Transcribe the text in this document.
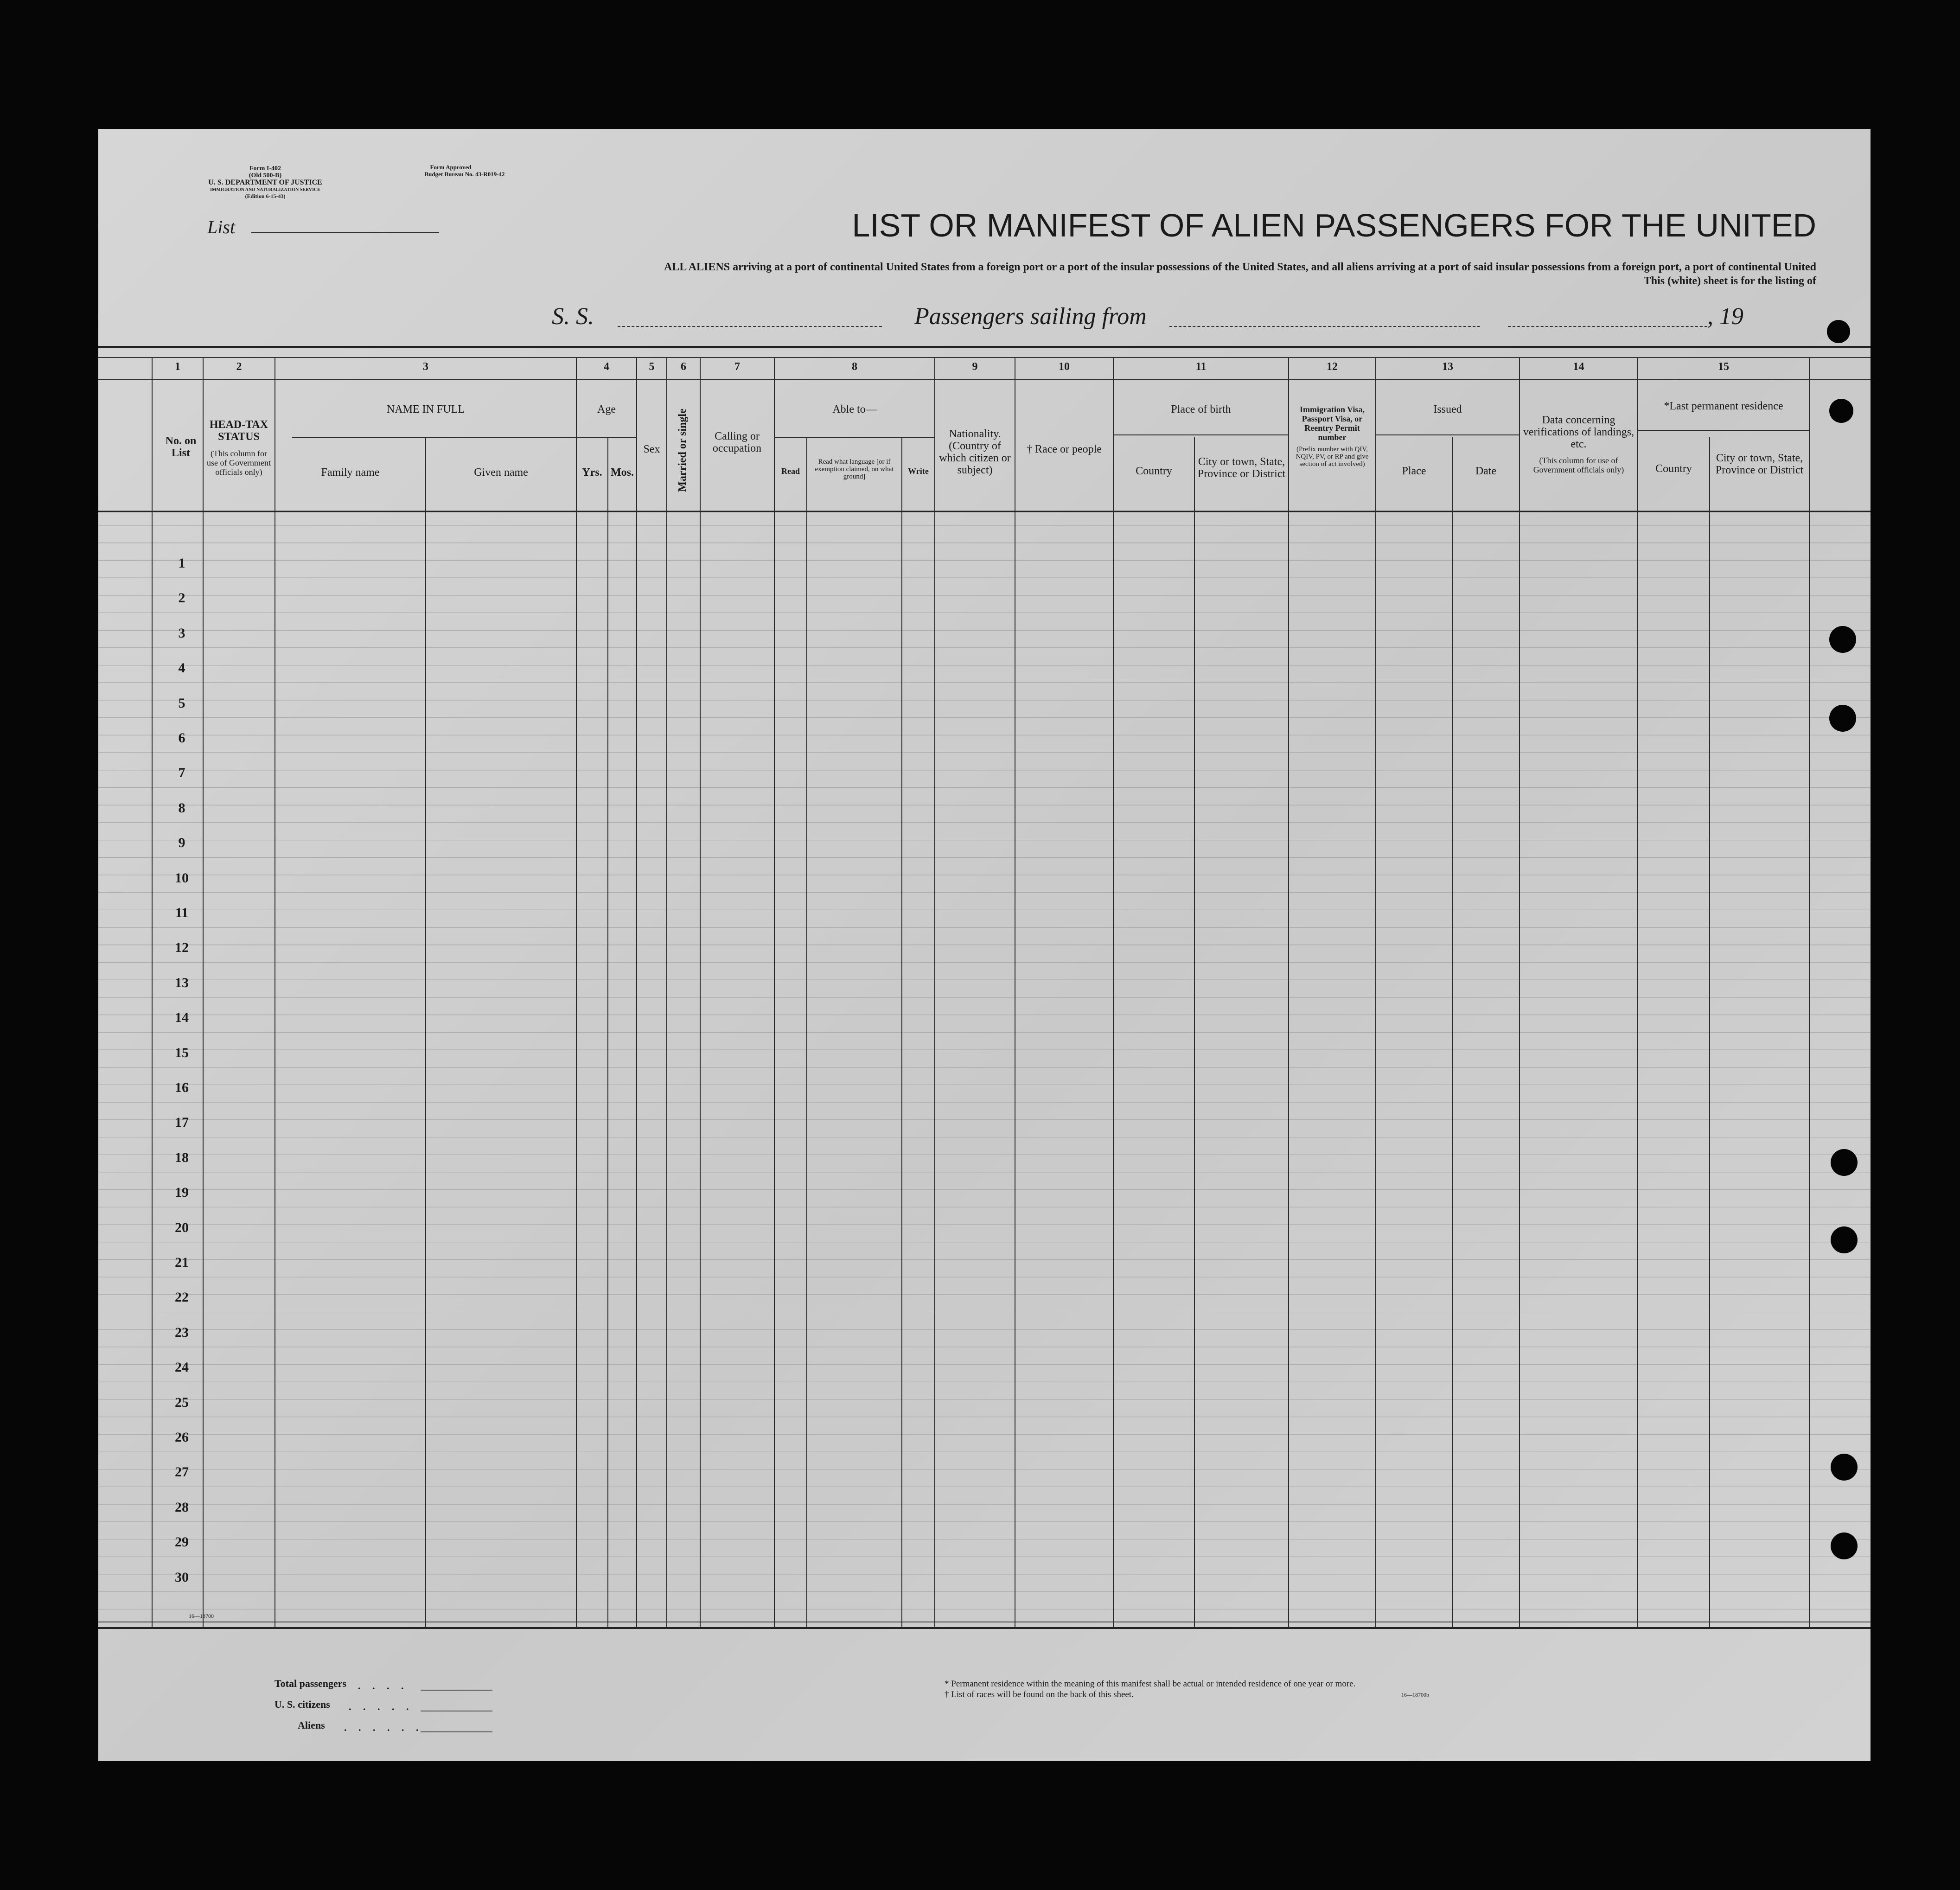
Form I-402
(Old 500-B)
U. S. DEPARTMENT OF JUSTICE
IMMIGRATION AND NATURALIZATION SERVICE
(Edition 6-15-43)
Form Approved
Budget Bureau No. 43-R019-42
List	LIST OR MANIFEST OF ALIEN PASSENGERS FOR THE UNITED
ALL ALIENS arriving at a port of continental United States from a foreign port or a port of the insular possessions of the United States, and all aliens arriving at a port of said insular possessions from a foreign port, a port of continental United
This (white) sheet is for the listing of
S. S.	Passengers sailing from	, 19
1	2	3	4	5	6	7	8	9	10	11	12	13	14	15
No. on List
HEAD-TAX STATUS
(This column for use of Government officials only)
NAME IN FULL
Family name	Given name
Age
Yrs. Mos.
Sex	Married or single	Calling or occupation
Able to—
Read
Read what language [or if exemption claimed, on what ground]
Write
Nationality. (Country of which citizen or subject)
† Race or people
Place of birth
Country
City or town, State, Province or District
Immigration Visa, Passport Visa, or Reentry Permit number
(Prefix number with QIV, NQIV, PV, or RP and give section of act involved)
Issued
Place	Date
Data concerning verifications of landings, etc.
(This column for use of Government officials only)
*Last permanent residence
Country
City or town, State, Province or District
1
2
3
4
5
6
7
8
9
10
11
12
13
14
15
16
17
18
19
20
21
22
23
24
25
26
27
28
29
30
16—18700
Total passengers . . . .
U. S. citizens . . . . .
Aliens . . . . . .
* Permanent residence within the meaning of this manifest shall be actual or intended residence of one year or more.
† List of races will be found on the back of this sheet.	16—18700b
